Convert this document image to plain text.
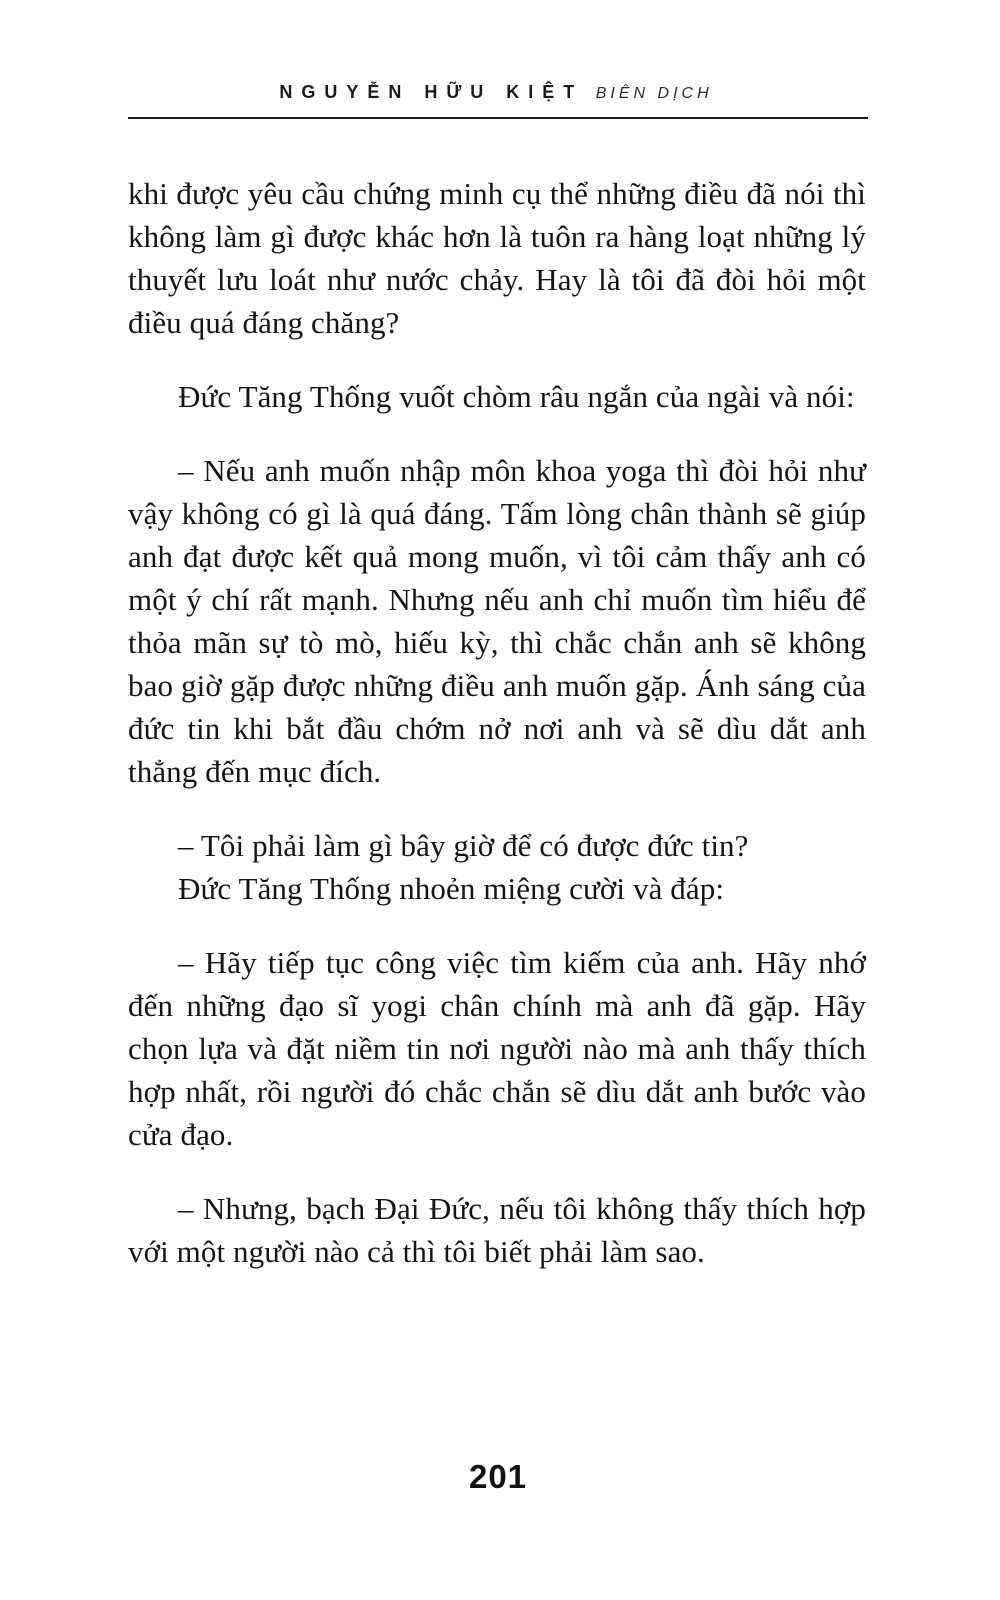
NGUYỄN HỮU KIỆT BIÊN DỊCH

khi được yêu cầu chứng minh cụ thể những điều đã nói thì không làm gì được khác hơn là tuôn ra hàng loạt những lý thuyết lưu loát như nước chảy. Hay là tôi đã đòi hỏi một điều quá đáng chăng?

Đức Tăng Thống vuốt chòm râu ngắn của ngài và nói:

– Nếu anh muốn nhập môn khoa yoga thì đòi hỏi như vậy không có gì là quá đáng. Tấm lòng chân thành sẽ giúp anh đạt được kết quả mong muốn, vì tôi cảm thấy anh có một ý chí rất mạnh. Nhưng nếu anh chỉ muốn tìm hiểu để thỏa mãn sự tò mò, hiếu kỳ, thì chắc chắn anh sẽ không bao giờ gặp được những điều anh muốn gặp. Ánh sáng của đức tin khi bắt đầu chớm nở nơi anh và sẽ dìu dắt anh thẳng đến mục đích.

– Tôi phải làm gì bây giờ để có được đức tin?

Đức Tăng Thống nhoẻn miệng cười và đáp:

– Hãy tiếp tục công việc tìm kiếm của anh. Hãy nhớ đến những đạo sĩ yogi chân chính mà anh đã gặp. Hãy chọn lựa và đặt niềm tin nơi người nào mà anh thấy thích hợp nhất, rồi người đó chắc chắn sẽ dìu dắt anh bước vào cửa đạo.

– Nhưng, bạch Đại Đức, nếu tôi không thấy thích hợp với một người nào cả thì tôi biết phải làm sao.

201
